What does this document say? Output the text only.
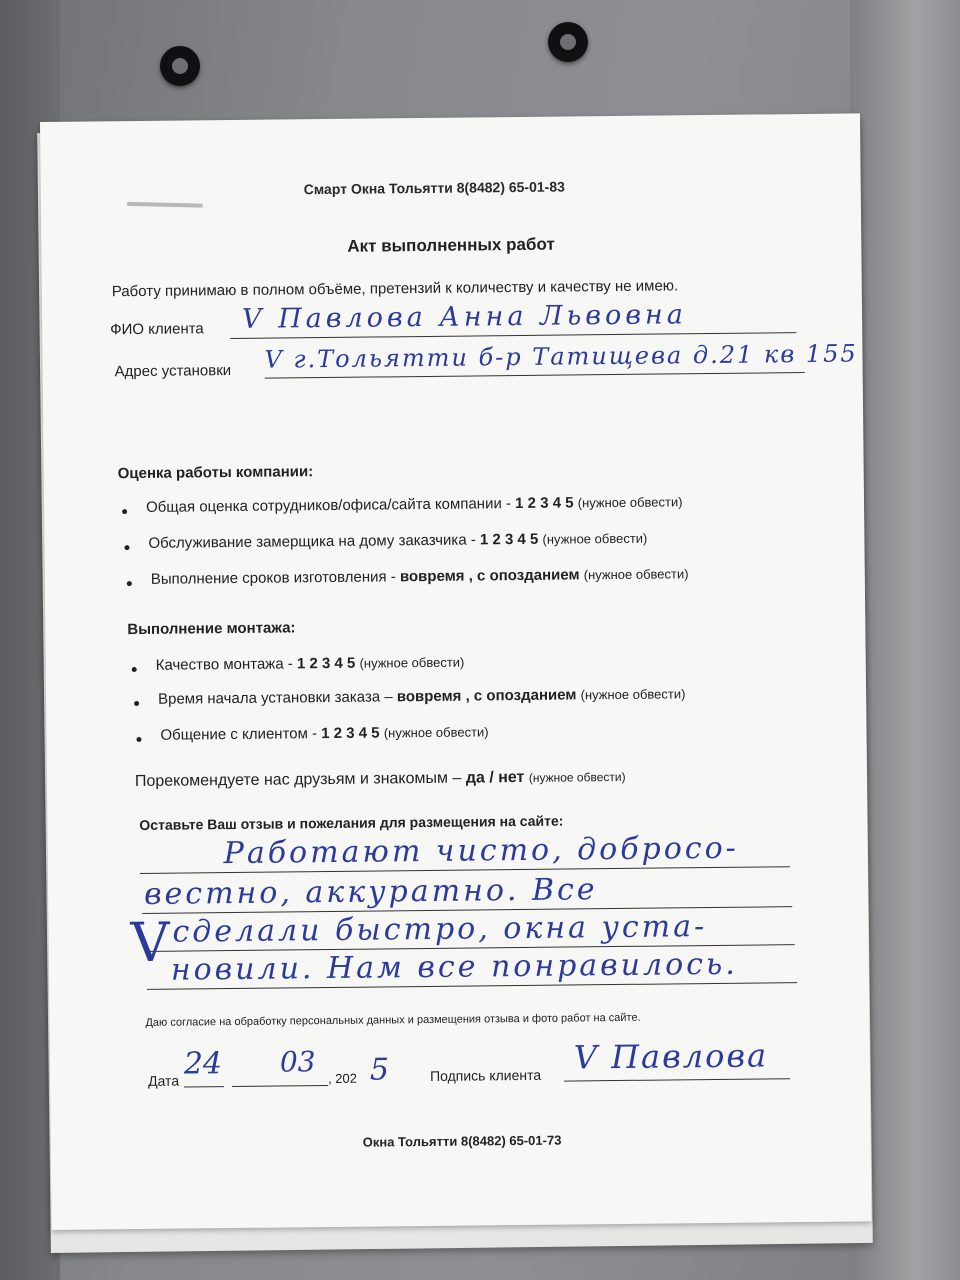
Смарт Окна Тольятти 8(8482) 65-01-83
Акт выполненных работ
Работу принимаю в полном объёме, претензий к количеству и качеству не имею.
ФИО клиента V Павлова Анна Львовна
Адрес установки V г.Тольятти б-р Татищева д.21 кв 155
Оценка работы компании:
Общая оценка сотрудников/офиса/сайта компании - 1 2 3 4 5 (нужное обвести)
Обслуживание замерщика на дому заказчика - 1 2 3 4 5 (нужное обвести)
Выполнение сроков изготовления - вовремя , с опозданием (нужное обвести)
Выполнение монтажа:
Качество монтажа - 1 2 3 4 5 (нужное обвести)
Время начала установки заказа – вовремя , с опозданием (нужное обвести)
Общение с клиентом - 1 2 3 4 5 (нужное обвести)
Порекомендуете нас друзьям и знакомым – да / нет (нужное обвести)
Оставьте Ваш отзыв и пожелания для размещения на сайте:
V
Работают чисто, добросо-
вестно, аккуратно. Все
сделали быстро, окна уста-
новили. Нам все понравилось.
Даю согласие на обработку персональных данных и размещения отзыва и фото работ на сайте.
Дата 24 03 , 202 5	Подпись клиента V Павлова
Окна Тольятти 8(8482) 65-01-73
